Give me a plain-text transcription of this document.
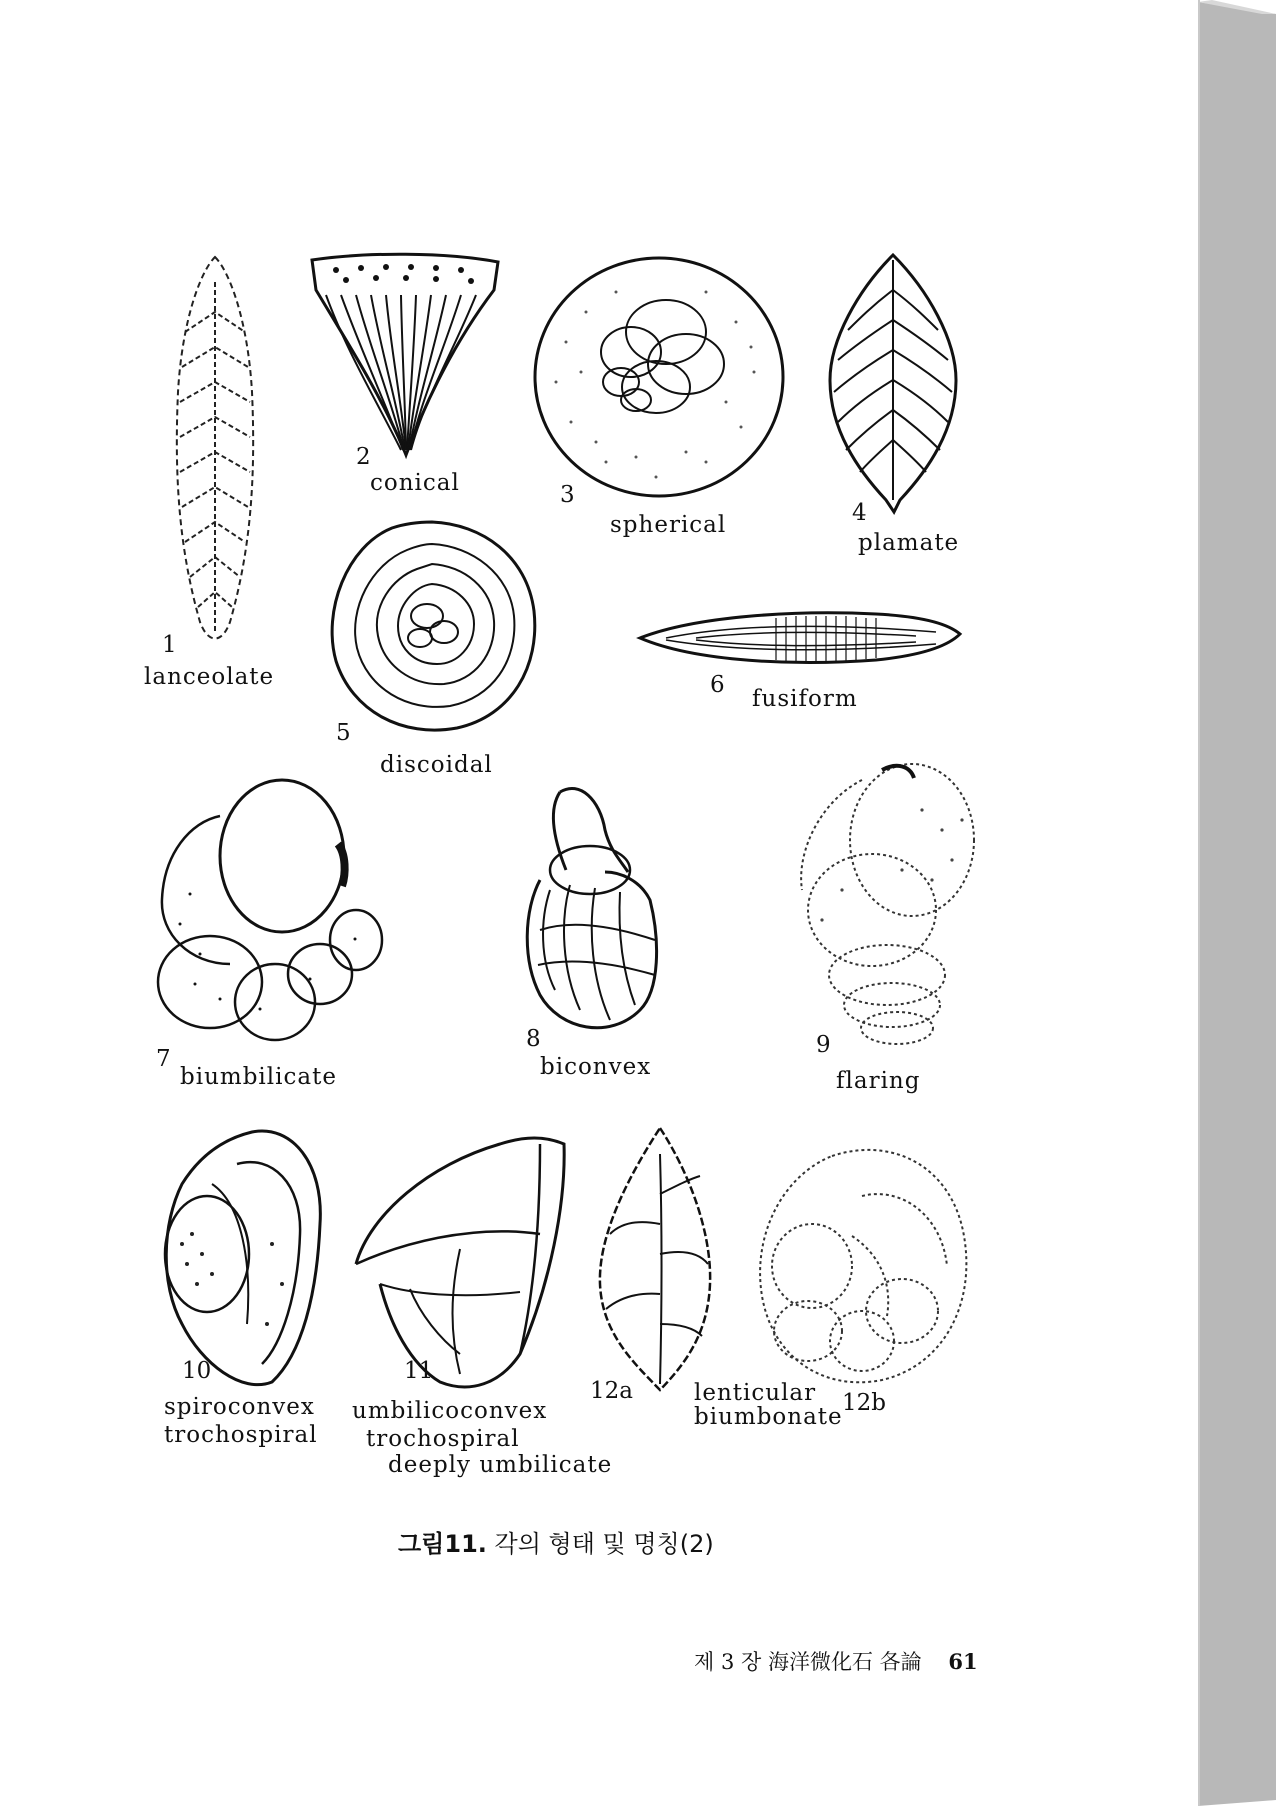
1
lanceolate
2
conical	3
spherical	4
plamate
5
discoidal
6
fusiform
7
biumbilicate
8
biconvex
9
flaring
10
spiroconvex
trochospiral
11
umbilicoconvex
trochospiral
deeply umbilicate
12a	lenticular
biumbonate
12b
그림11. 각의 형태 및 명칭(2)
제 3 장 海洋微化石 各論 61
